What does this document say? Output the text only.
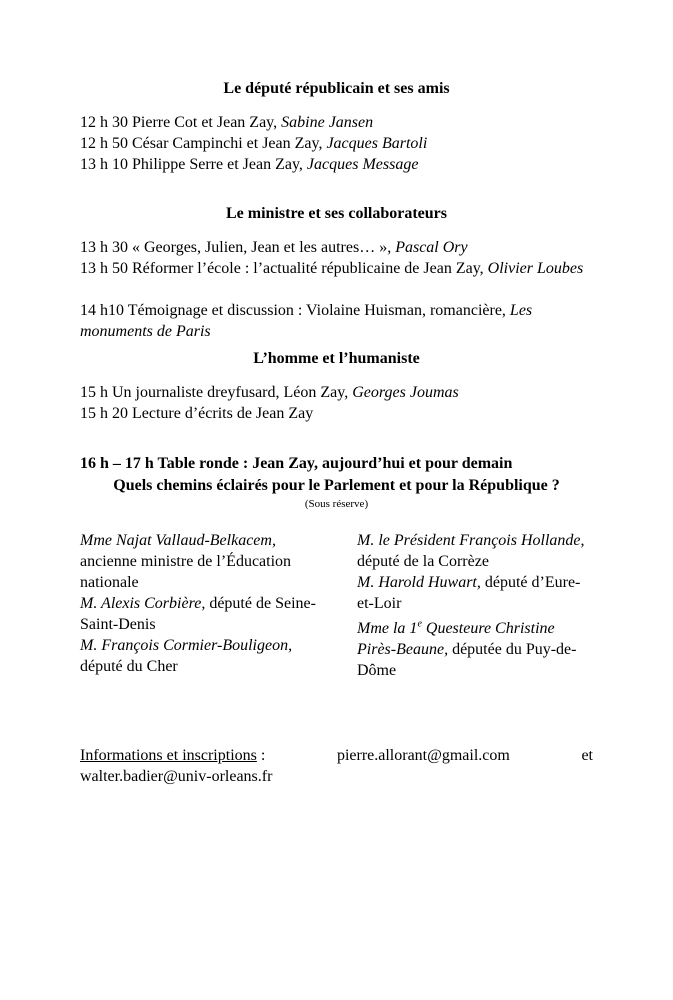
Le député républicain et ses amis
12 h 30 Pierre Cot et Jean Zay, Sabine Jansen
12 h 50 César Campinchi et Jean Zay, Jacques Bartoli
13 h 10 Philippe Serre et Jean Zay, Jacques Message
Le ministre et ses collaborateurs
13 h 30 « Georges, Julien, Jean et les autres… », Pascal Ory
13 h 50 Réformer l’école : l’actualité républicaine de Jean Zay, Olivier Loubes
14 h10 Témoignage et discussion : Violaine Huisman, romancière, Les monuments de Paris
L’homme et l’humaniste
15 h Un journaliste dreyfusard, Léon Zay, Georges Joumas
15 h 20 Lecture d’écrits de Jean Zay
16 h – 17 h Table ronde : Jean Zay, aujourd’hui et pour demain
Quels chemins éclairés pour le Parlement et pour la République ?
(Sous réserve)

Mme Najat Vallaud-Belkacem, ancienne ministre de l’Éducation nationale

M. Alexis Corbière, député de Seine-Saint-Denis

M. François Cormier-Bouligeon, député du Cher

M. le Président François Hollande, député de la Corrèze

M. Harold Huwart, député d’Eure-et-Loir

Mme la 1e Questeure Christine Pirès-Beaune, députée du Puy-de-Dôme

Informations et inscriptions :	pierre.allorant@gmail.com	et
walter.badier@univ-orleans.fr
